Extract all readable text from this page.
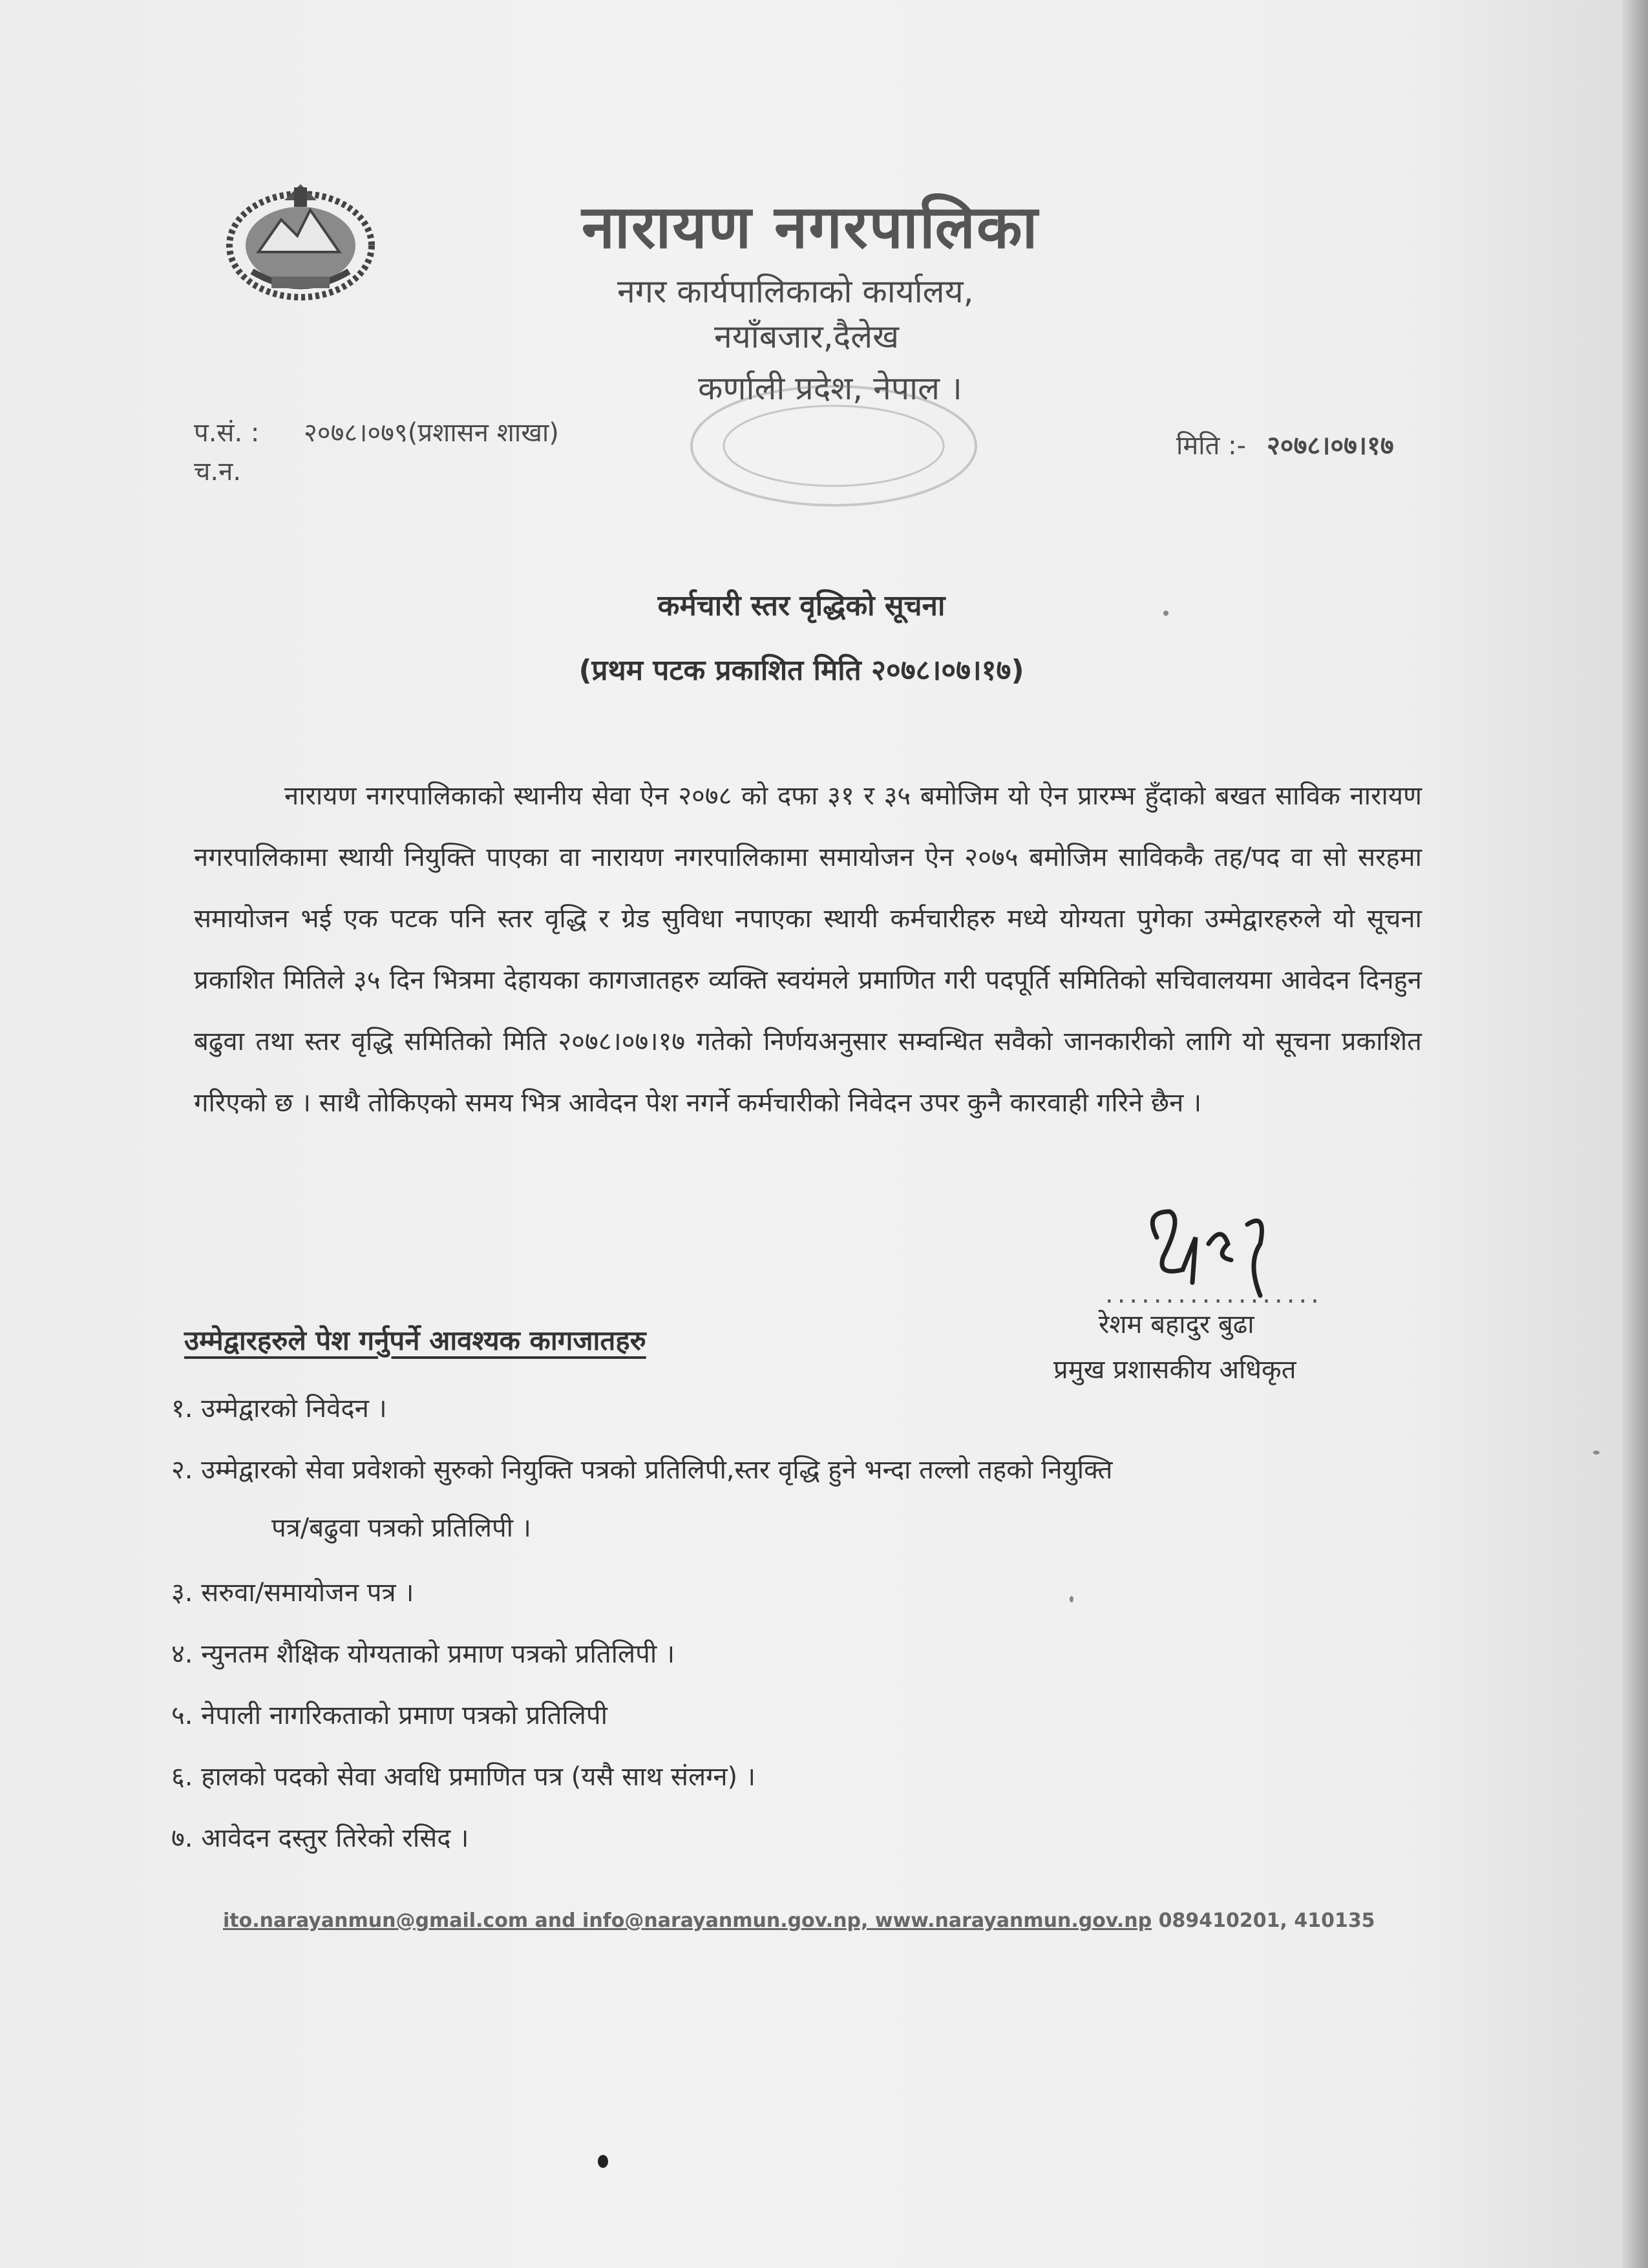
नारायण नगरपालिका
नगर कार्यपालिकाको कार्यालय,
नयाँबजार,दैलेख
कर्णाली प्रदेश, नेपाल ।
प.सं. : २०७८।०७९(प्रशासन शाखा)
च.न.
मिति :- २०७८।०७।१७
कर्मचारी स्तर वृद्धिको सूचना
(प्रथम पटक प्रकाशित मिति २०७८।०७।१७)
नारायण नगरपालिकाको स्थानीय सेवा ऐन २०७८ को दफा ३१ र ३५ बमोजिम यो ऐन प्रारम्भ हुँदाको बखत साविक नारायण नगरपालिकामा स्थायी नियुक्ति पाएका वा नारायण नगरपालिकामा समायोजन ऐन २०७५ बमोजिम साविककै तह/पद वा सो सरहमा समायोजन भई एक पटक पनि स्तर वृद्धि र ग्रेड सुविधा नपाएका स्थायी कर्मचारीहरु मध्ये योग्यता पुगेका उम्मेद्वारहरुले यो सूचना प्रकाशित मितिले ३५ दिन भित्रमा देहायका कागजातहरु व्यक्ति स्वयंमले प्रमाणित गरी पदपूर्ति समितिको सचिवालयमा आवेदन दिनहुन बढुवा तथा स्तर वृद्धि समितिको मिति २०७८।०७।१७ गतेको निर्णयअनुसार सम्वन्धित सवैको जानकारीको लागि यो सूचना प्रकाशित गरिएको छ । साथै तोकिएको समय भित्र आवेदन पेश नगर्ने कर्मचारीको निवेदन उपर कुनै कारवाही गरिने छैन ।
..................
रेशम बहादुर बुढा
प्रमुख प्रशासकीय अधिकृत
उम्मेद्वारहरुले पेश गर्नुपर्ने आवश्यक कागजातहरु
१. उम्मेद्वारको निवेदन ।
२. उम्मेद्वारको सेवा प्रवेशको सुरुको नियुक्ति पत्रको प्रतिलिपी,स्तर वृद्धि हुने भन्दा तल्लो तहको नियुक्ति
पत्र/बढुवा पत्रको प्रतिलिपी ।
३. सरुवा/समायोजन पत्र ।
४. न्युनतम शैक्षिक योग्यताको प्रमाण पत्रको प्रतिलिपी ।
५. नेपाली नागरिकताको प्रमाण पत्रको प्रतिलिपी
६. हालको पदको सेवा अवधि प्रमाणित पत्र (यसै साथ संलग्न) ।
७. आवेदन दस्तुर तिरेको रसिद ।
ito.narayanmun@gmail.com and info@narayanmun.gov.np, www.narayanmun.gov.np 089410201, 410135
